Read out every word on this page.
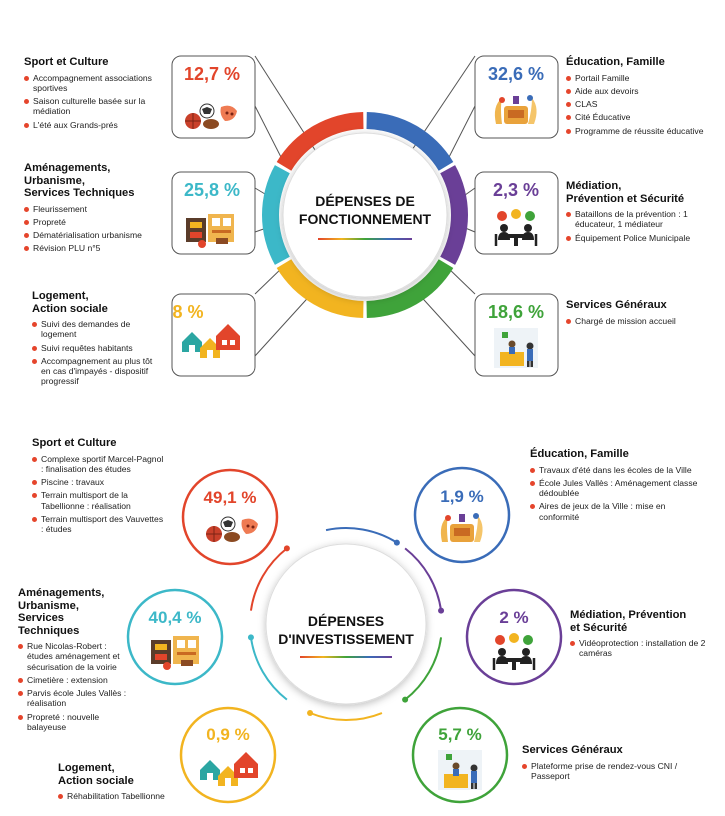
DÉPENSES DE
FONCTIONNEMENT
32,6 %
2,3 %
18,6 %
8 %
25,8 %
12,7 %
DÉPENSES
D'INVESTISSEMENT
49,1 %	1,9 %
2 %
5,7 %
0,9 %
40,4 %
Sport et Culture
Accompagnement associations sportives
Saison culturelle basée sur la médiation
L'été aux Grands-prés
Aménagements,
Urbanisme,
Services Techniques
Fleurissement
Propreté
Dématérialisation urbanisme
Révision PLU n°5
Logement,
Action sociale
Suivi des demandes de logement
Suivi requêtes habitants
Accompagnement au plus tôt en cas d'impayés - dispositif progressif
Éducation, Famille
Portail Famille
Aide aux devoirs
CLAS
Cité Éducative
Programme de réussite éducative
Médiation,
Prévention et Sécurité
Bataillons de la prévention : 1 éducateur, 1 médiateur
Équipement Police Municipale
Services Généraux
Chargé de mission accueil
Sport et Culture
Complexe sportif Marcel-Pagnol : finalisation des études
Piscine : travaux
Terrain multisport de la Tabellionne : réalisation
Terrain multisport des Vauvettes : études
Aménagements,
Urbanisme,
Services
Techniques
Rue Nicolas-Robert : études aménagement et sécurisation de la voirie
Cimetière : extension
Parvis école Jules Vallès : réalisation
Propreté : nouvelle balayeuse
Logement,
Action sociale
Réhabilitation Tabellionne
Éducation, Famille
Travaux d'été dans les écoles de la Ville
École Jules Vallès : Aménagement classe dédoublée
Aires de jeux de la Ville : mise en conformité
Médiation, Prévention
et Sécurité
Vidéoprotection : installation de 2 caméras
Services Généraux
Plateforme prise de rendez-vous CNI / Passeport
